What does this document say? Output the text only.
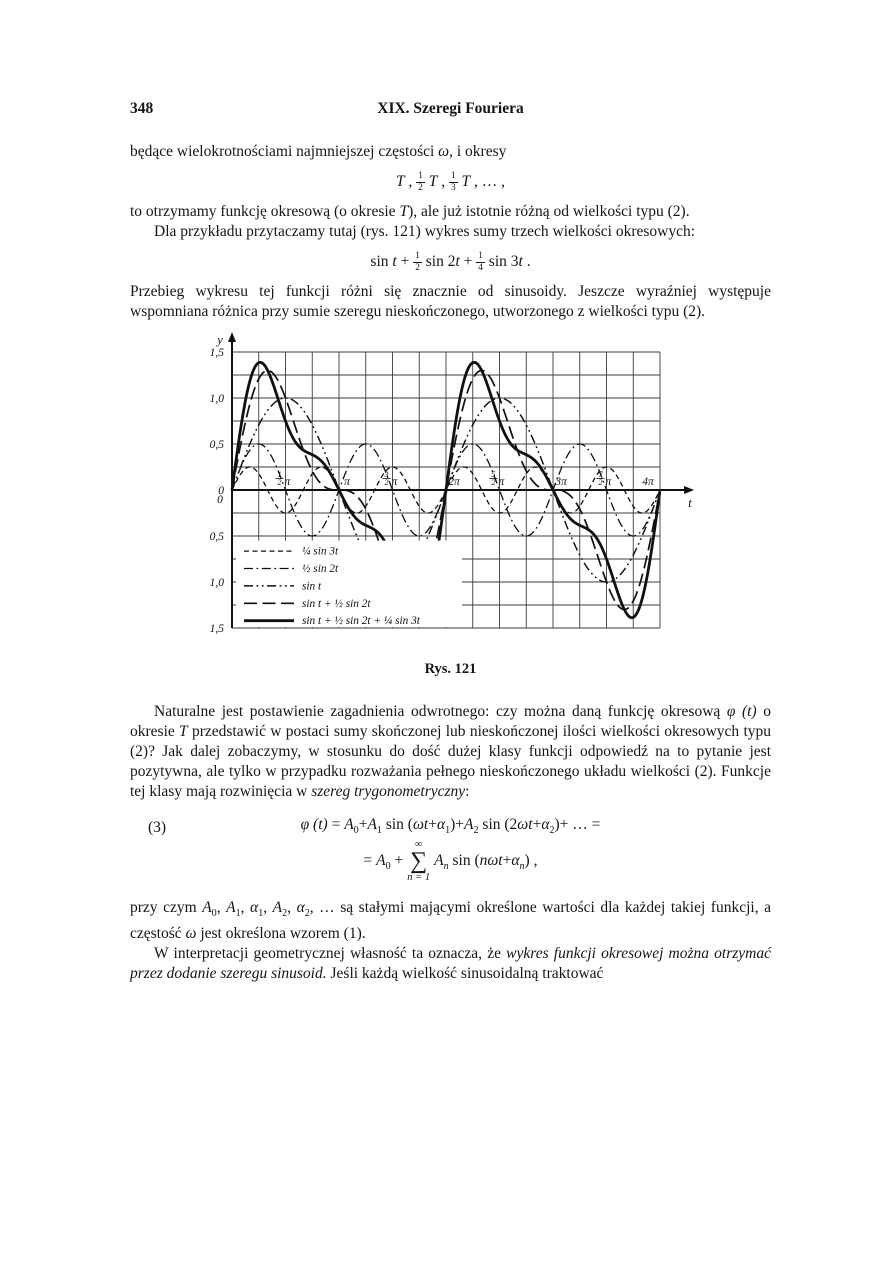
348	XIX. Szeregi Fouriera

będące wielokrotnościami najmniejszej częstości ω, i okresy

T , $\frac{1}{2}$ T , $\frac{1}{3}$ T , … ,

to otrzymamy funkcję okresową (o okresie T), ale już istotnie różną od wielkości typu (2).

Dla przykładu przytaczamy tutaj (rys. 121) wykres sumy trzech wielkości okresowych:

$\sin t + \frac{1}{2}$ $\sin 2t + \frac{1}{4}$ sin 3t .

Przebieg wykresu tej funkcji różni się znacznie od sinusoidy. Jeszcze wyraźniej występuje wspomniana różnica przy sumie szeregu nieskończonego, utworzonego z wielkości typu (2).

y
t
1,5
1,0
0,5
0
0,5
1,0
1,5
0
1
2 π	π
3
2 π	2π
5
2 π	3π
7
2 π	4π
¼ sin 3t
½ sin 2t
sin t
sin t + ½ sin 2t
sin t + ½ sin 2t + ¼ sin 3t
Rys. 121

Naturalne jest postawienie zagadnienia odwrotnego: czy można daną funkcję okresową φ (t) o okresie T przedstawić w postaci sumy skończonej lub nieskończonej ilości wielkości okresowych typu (2)? Jak dalej zobaczymy, w stosunku do dość dużej klasy funkcji odpowiedź na to pytanie jest pozytywna, ale tylko w przypadku rozważania pełnego nieskończonego układu wielkości (2). Funkcje tej klasy mają rozwinięcia w szereg trygonometryczny:

(3)	φ $(t) = A_0+A_1$ $\sin (\omega t+\alpha_1)+A_2$ $\sin (2\omega t+\alpha_2)+$ … =
= $A_0$ +
∞
∑
n = 1
$A_n$ $\sin (n\omega t+\alpha_n)$ ,

przy czym $A_0$, $A_1$, $\alpha_1$, $A_2$, $\alpha_2$, … są stałymi mającymi określone wartości dla każdej takiej funkcji, a częstość ω jest określona wzorem (1).

W interpretacji geometrycznej własność ta oznacza, że wykres funkcji okresowej można otrzymać przez dodanie szeregu sinusoid. Jeśli każdą wielkość sinusoidalną traktować
